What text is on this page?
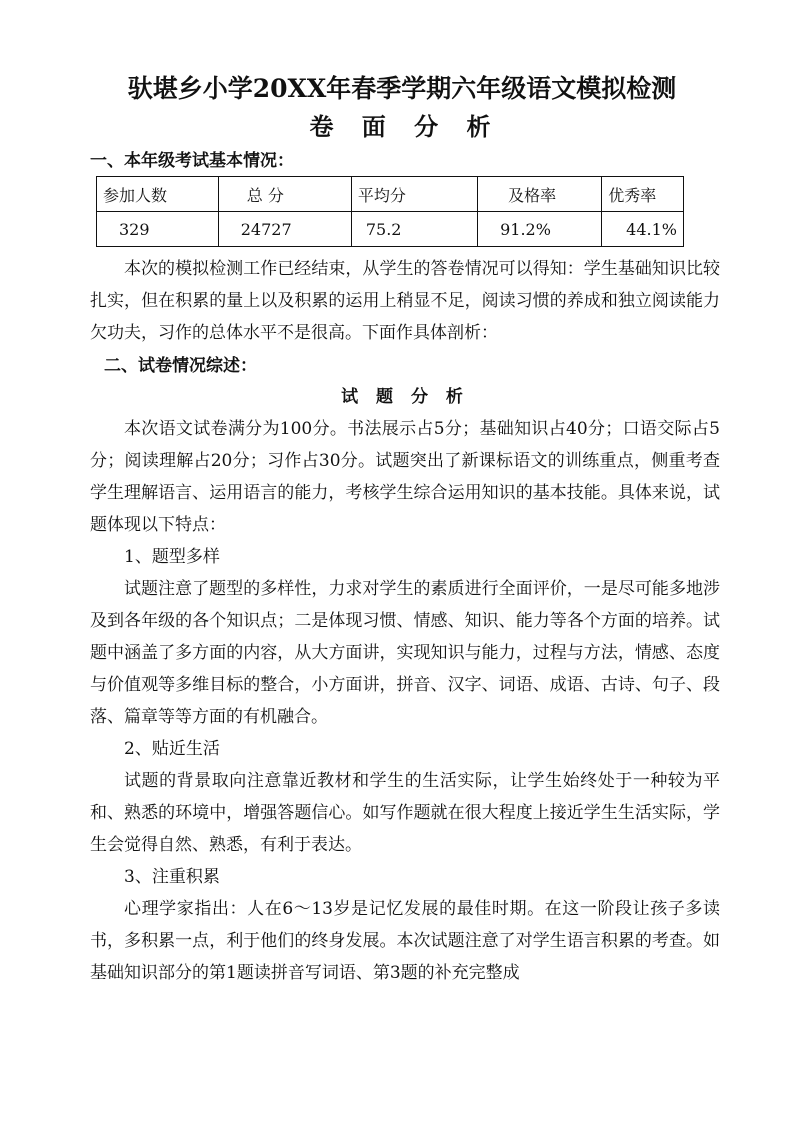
驮堪乡小学20XX年春季学期六年级语文模拟检测
卷 面 分 析
一、本年级考试基本情况：
参加人数	总 分	平均分	及格率	优秀率
329	24727	75.2	91.2%	44.1%

本次的模拟检测工作已经结束，从学生的答卷情况可以得知：学生基础知识比较扎实，但在积累的量上以及积累的运用上稍显不足，阅读习惯的养成和独立阅读能力欠功夫，习作的总体水平不是很高。下面作具体剖析：

二、试卷情况综述：
试 题 分 析

本次语文试卷满分为100分。书法展示占5分；基础知识占40分；口语交际占5分；阅读理解占20分；习作占30分。试题突出了新课标语文的训练重点，侧重考查学生理解语言、运用语言的能力，考核学生综合运用知识的基本技能。具体来说，试题体现以下特点：

1、题型多样

试题注意了题型的多样性，力求对学生的素质进行全面评价，一是尽可能多地涉及到各年级的各个知识点；二是体现习惯、情感、知识、能力等各个方面的培养。试题中涵盖了多方面的内容，从大方面讲，实现知识与能力，过程与方法，情感、态度与价值观等多维目标的整合，小方面讲，拼音、汉字、词语、成语、古诗、句子、段落、篇章等等方面的有机融合。

2、贴近生活

试题的背景取向注意靠近教材和学生的生活实际，让学生始终处于一种较为平和、熟悉的环境中，增强答题信心。如写作题就在很大程度上接近学生生活实际，学生会觉得自然、熟悉，有利于表达。

3、注重积累

心理学家指出：人在6～13岁是记忆发展的最佳时期。在这一阶段让孩子多读书，多积累一点，利于他们的终身发展。本次试题注意了对学生语言积累的考查。如基础知识部分的第1题读拼音写词语、第3题的补充完整成
